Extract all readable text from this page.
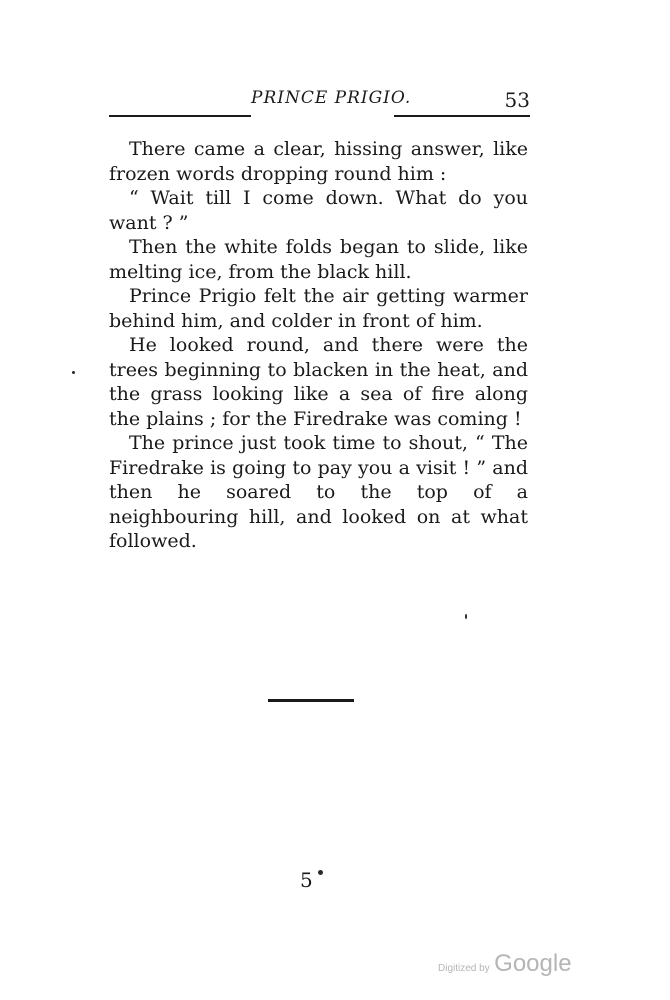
PRINCE PRIGIO.	53

There came a clear, hissing answer, like frozen words dropping round him :

“ Wait till I come down. What do you want ? ”

Then the white folds began to slide, like melting ice, from the black hill.

Prince Prigio felt the air getting warmer behind him, and colder in front of him.

He looked round, and there were the trees beginning to blacken in the heat, and the grass looking like a sea of fire along the plains ; for the Firedrake was coming !

The prince just took time to shout, “ The Firedrake is going to pay you a visit ! ” and then he soared to the top of a neighbouring hill, and looked on at what followed.

5
Digitized by Google
